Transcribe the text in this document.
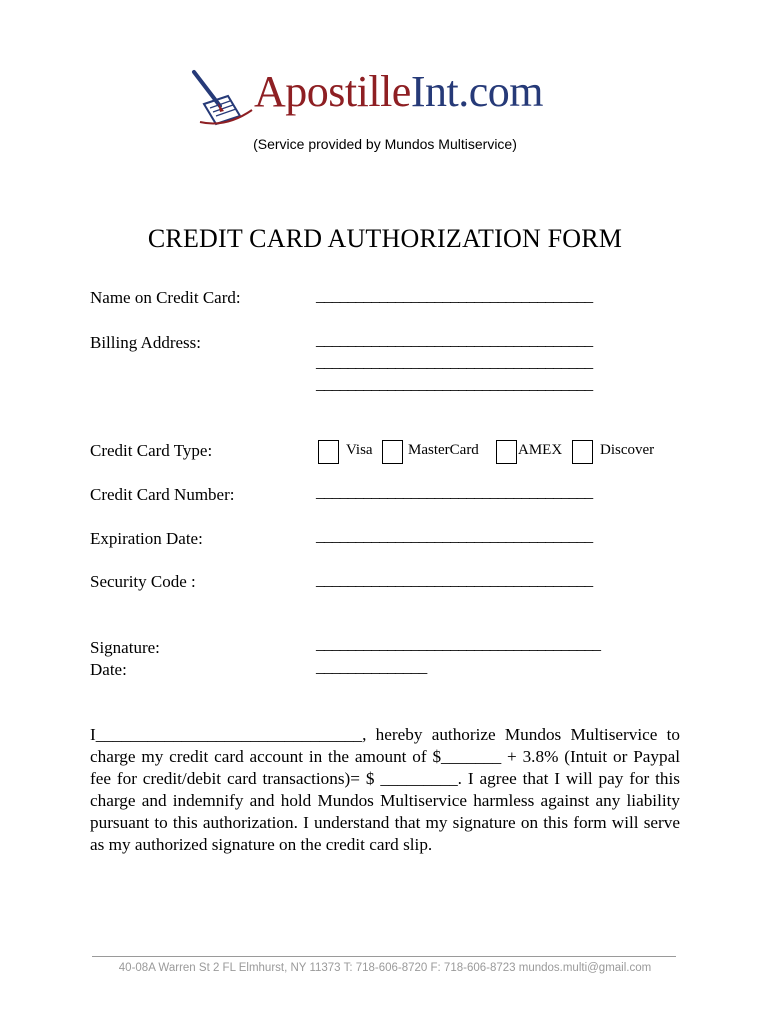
ApostilleInt.com
(Service provided by Mundos Multiservice)
CREDIT CARD AUTHORIZATION FORM
Name on Credit Card:	___________________________________
Billing Address:	___________________________________
___________________________________
___________________________________
Credit Card Type:	Visa MasterCard	AMEX	Discover
Credit Card Number:	___________________________________
Expiration Date:	___________________________________
Security Code :	___________________________________
Signature:	____________________________________
Date:	______________
I_______________________________, hereby authorize Mundos Multiservice to charge my credit card account in the amount of $_______ + 3.8% (Intuit or Paypal fee for credit/debit card transactions)= $ _________. I agree that I will pay for this charge and indemnify and hold Mundos Multiservice harmless against any liability pursuant to this authorization. I understand that my signature on this form will serve as my authorized signature on the credit card slip.
40-08A Warren St 2 FL Elmhurst, NY 11373 T: 718-606-8720 F: 718-606-8723 mundos.multi@gmail.com
